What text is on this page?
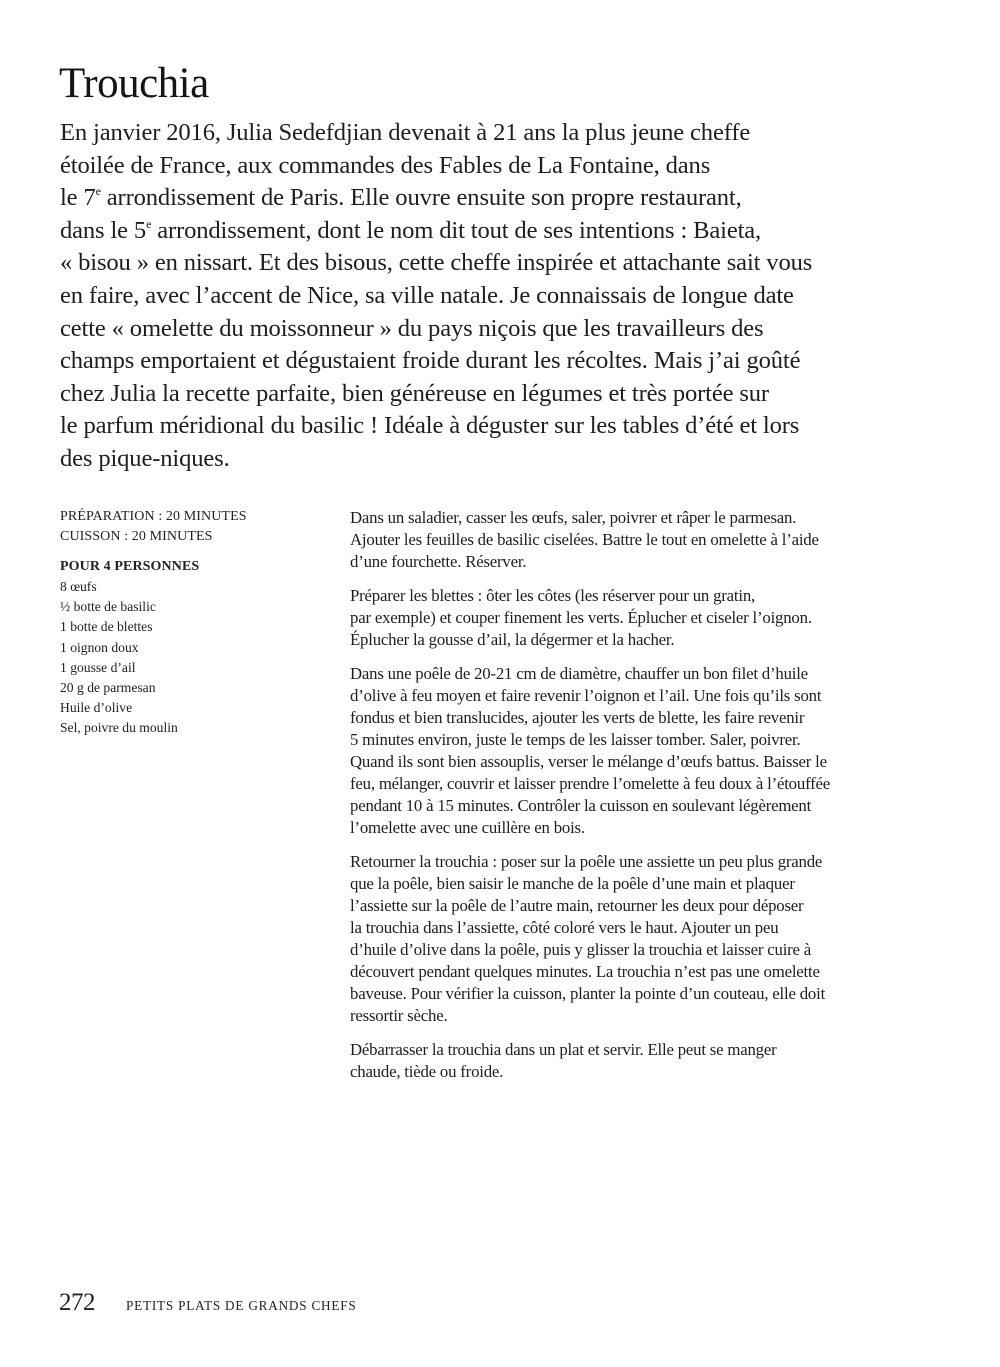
Trouchia
En janvier 2016, Julia Sedefdjian devenait à 21 ans la plus jeune cheffe
étoilée de France, aux commandes des Fables de La Fontaine, dans
le 7e arrondissement de Paris. Elle ouvre ensuite son propre restaurant,
dans le 5e arrondissement, dont le nom dit tout de ses intentions : Baieta,
« bisou » en nissart. Et des bisous, cette cheffe inspirée et attachante sait vous
en faire, avec l’accent de Nice, sa ville natale. Je connaissais de longue date
cette « omelette du moissonneur » du pays niçois que les travailleurs des
champs emportaient et dégustaient froide durant les récoltes. Mais j’ai goûté
chez Julia la recette parfaite, bien généreuse en légumes et très portée sur
le parfum méridional du basilic ! Idéale à déguster sur les tables d’été et lors
des pique-niques.
PRÉPARATION : 20 MINUTES
CUISSON : 20 MINUTES
POUR 4 PERSONNES
8 œufs
½ botte de basilic
1 botte de blettes
1 oignon doux
1 gousse d’ail
20 g de parmesan
Huile d’olive
Sel, poivre du moulin
Dans un saladier, casser les œufs, saler, poivrer et râper le parmesan.
Ajouter les feuilles de basilic ciselées. Battre le tout en omelette à l’aide
d’une fourchette. Réserver.
Préparer les blettes : ôter les côtes (les réserver pour un gratin,
par exemple) et couper finement les verts. Éplucher et ciseler l’oignon.
Éplucher la gousse d’ail, la dégermer et la hacher.
Dans une poêle de 20-21 cm de diamètre, chauffer un bon filet d’huile
d’olive à feu moyen et faire revenir l’oignon et l’ail. Une fois qu’ils sont
fondus et bien translucides, ajouter les verts de blette, les faire revenir
5 minutes environ, juste le temps de les laisser tomber. Saler, poivrer.
Quand ils sont bien assouplis, verser le mélange d’œufs battus. Baisser le
feu, mélanger, couvrir et laisser prendre l’omelette à feu doux à l’étouffée
pendant 10 à 15 minutes. Contrôler la cuisson en soulevant légèrement
l’omelette avec une cuillère en bois.
Retourner la trouchia : poser sur la poêle une assiette un peu plus grande
que la poêle, bien saisir le manche de la poêle d’une main et plaquer
l’assiette sur la poêle de l’autre main, retourner les deux pour déposer
la trouchia dans l’assiette, côté coloré vers le haut. Ajouter un peu
d’huile d’olive dans la poêle, puis y glisser la trouchia et laisser cuire à
découvert pendant quelques minutes. La trouchia n’est pas une omelette
baveuse. Pour vérifier la cuisson, planter la pointe d’un couteau, elle doit
ressortir sèche.
Débarrasser la trouchia dans un plat et servir. Elle peut se manger
chaude, tiède ou froide.
272 PETITS PLATS DE GRANDS CHEFS
